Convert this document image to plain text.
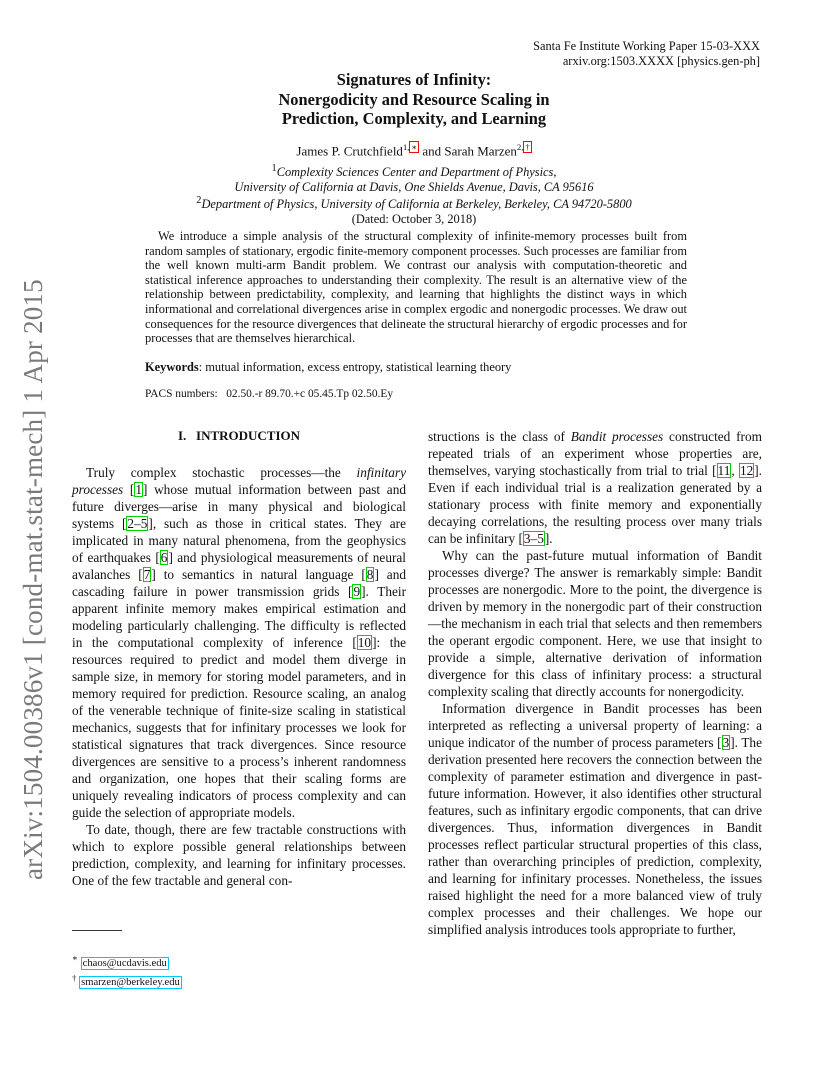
arXiv:1504.00386v1 [cond-mat.stat-mech] 1 Apr 2015
Santa Fe Institute Working Paper 15-03-XXX
arxiv.org:1503.XXXX [physics.gen-ph]
Signatures of Infinity:
Nonergodicity and Resource Scaling in
Prediction, Complexity, and Learning
James P. Crutchfield$^{1, ∗}$ and Sarah Marzen$^{2, \dagger}$
$^1$Complexity Sciences Center and Department of Physics,
University of California at Davis, One Shields Avenue, Davis, CA 95616
$^2$Department of Physics, University of California at Berkeley, Berkeley, CA 94720-5800
(Dated: October 3, 2018)

We introduce a simple analysis of the structural complexity of infinite-memory processes built from random samples of stationary, ergodic finite-memory component processes. Such processes are familiar from the well known multi-arm Bandit problem. We contrast our analysis with computation-theoretic and statistical inference approaches to understanding their complexity. The result is an alternative view of the relationship between predictability, complexity, and learning that highlights the distinct ways in which informational and correlational divergences arise in complex ergodic and nonergodic processes. We draw out consequences for the resource divergences that delineate the structural hierarchy of ergodic processes and for processes that are themselves hierarchical.

Keywords: mutual information, excess entropy, statistical learning theory
PACS numbers:   02.50.-r 89.70.+c 05.45.Tp 02.50.Ey
I.   INTRODUCTION

Truly complex stochastic processes—the infinitary processes [1] whose mutual information between past and future diverges—arise in many physical and biological systems [2–5], such as those in critical states. They are implicated in many natural phenomena, from the geophysics of earthquakes [6] and physiological measurements of neural avalanches [7] to semantics in natural language [8] and cascading failure in power transmission grids [9]. Their apparent infinite memory makes empirical estimation and modeling particularly challenging. The difficulty is reflected in the computational complexity of inference [10]: the resources required to predict and model them diverge in sample size, in memory for storing model parameters, and in memory required for prediction. Resource scaling, an analog of the venerable technique of finite-size scaling in statistical mechanics, suggests that for infinitary processes we look for statistical signatures that track divergences. Since resource divergences are sensitive to a process’s inherent randomness and organization, one hopes that their scaling forms are uniquely revealing indicators of process complexity and can guide the selection of appropriate models.

To date, though, there are few tractable constructions with which to explore possible general relationships between prediction, complexity, and learning for infinitary processes. One of the few tractable and general con-

∗ chaos@ucdavis.edu
† smarzen@berkeley.edu

structions is the class of Bandit processes constructed from repeated trials of an experiment whose properties are, themselves, varying stochastically from trial to trial [11, 12]. Even if each individual trial is a realization generated by a stationary process with finite memory and exponentially decaying correlations, the resulting process over many trials can be infinitary [3–5].

Why can the past-future mutual information of Bandit processes diverge? The answer is remarkably simple: Bandit processes are nonergodic. More to the point, the divergence is driven by memory in the nonergodic part of their construction—the mechanism in each trial that selects and then remembers the operant ergodic component. Here, we use that insight to provide a simple, alternative derivation of information divergence for this class of infinitary process: a structural complexity scaling that directly accounts for nonergodicity.

Information divergence in Bandit processes has been interpreted as reflecting a universal property of learning: a unique indicator of the number of process parameters [3]. The derivation presented here recovers the connection between the complexity of parameter estimation and divergence in past-future information. However, it also identifies other structural features, such as infinitary ergodic components, that can drive divergences. Thus, information divergences in Bandit processes reflect particular structural properties of this class, rather than overarching principles of prediction, complexity, and learning for infinitary processes. Nonetheless, the issues raised highlight the need for a more balanced view of truly complex processes and their challenges. We hope our simplified analysis introduces tools appropriate to further,
